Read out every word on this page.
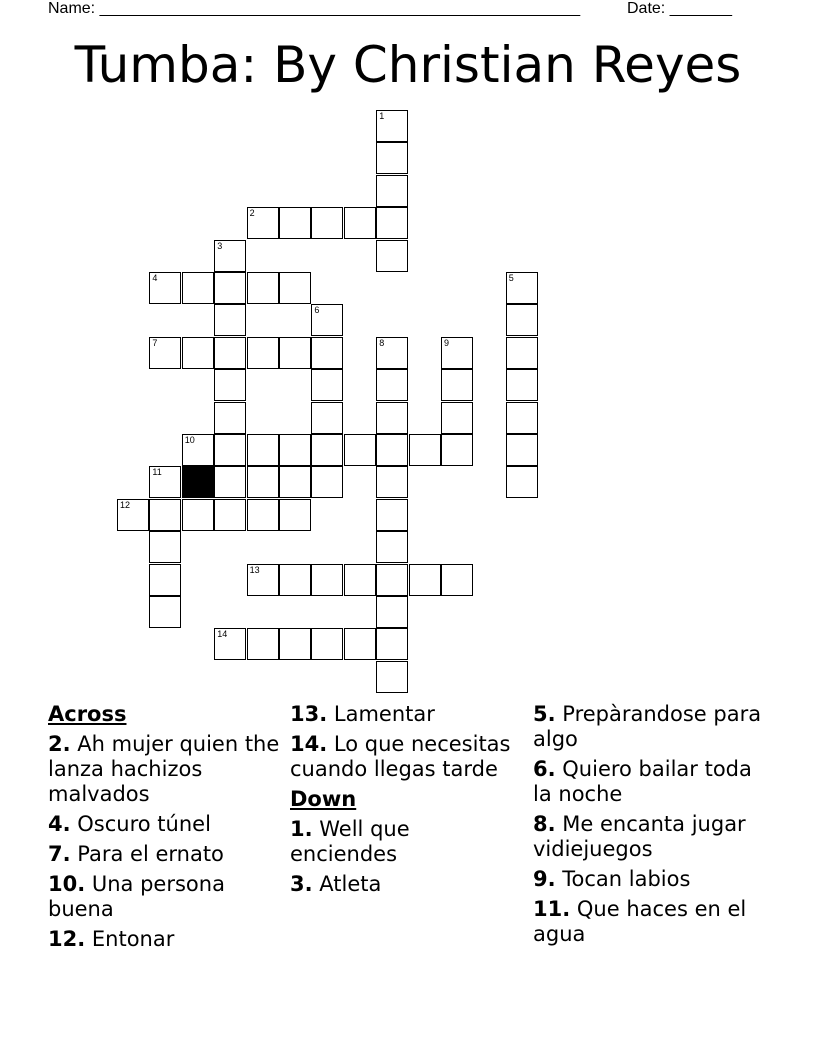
Name: ______________________________________________________	Date: _______
Tumba: By Christian Reyes
1
2
3
4	5
6
7	8	9
10
11
12
13
14
Across
2. Ah mujer quien the lanza hachizos malvados
4. Oscuro túnel
7. Para el ernato
10. Una persona buena
12. Entonar
13. Lamentar
14. Lo que necesitas cuando llegas tarde
Down
1. Well que enciendes
3. Atleta
5. Prepàrandose para algo
6. Quiero bailar toda la noche
8. Me encanta jugar vidiejuegos
9. Tocan labios
11. Que haces en el agua
